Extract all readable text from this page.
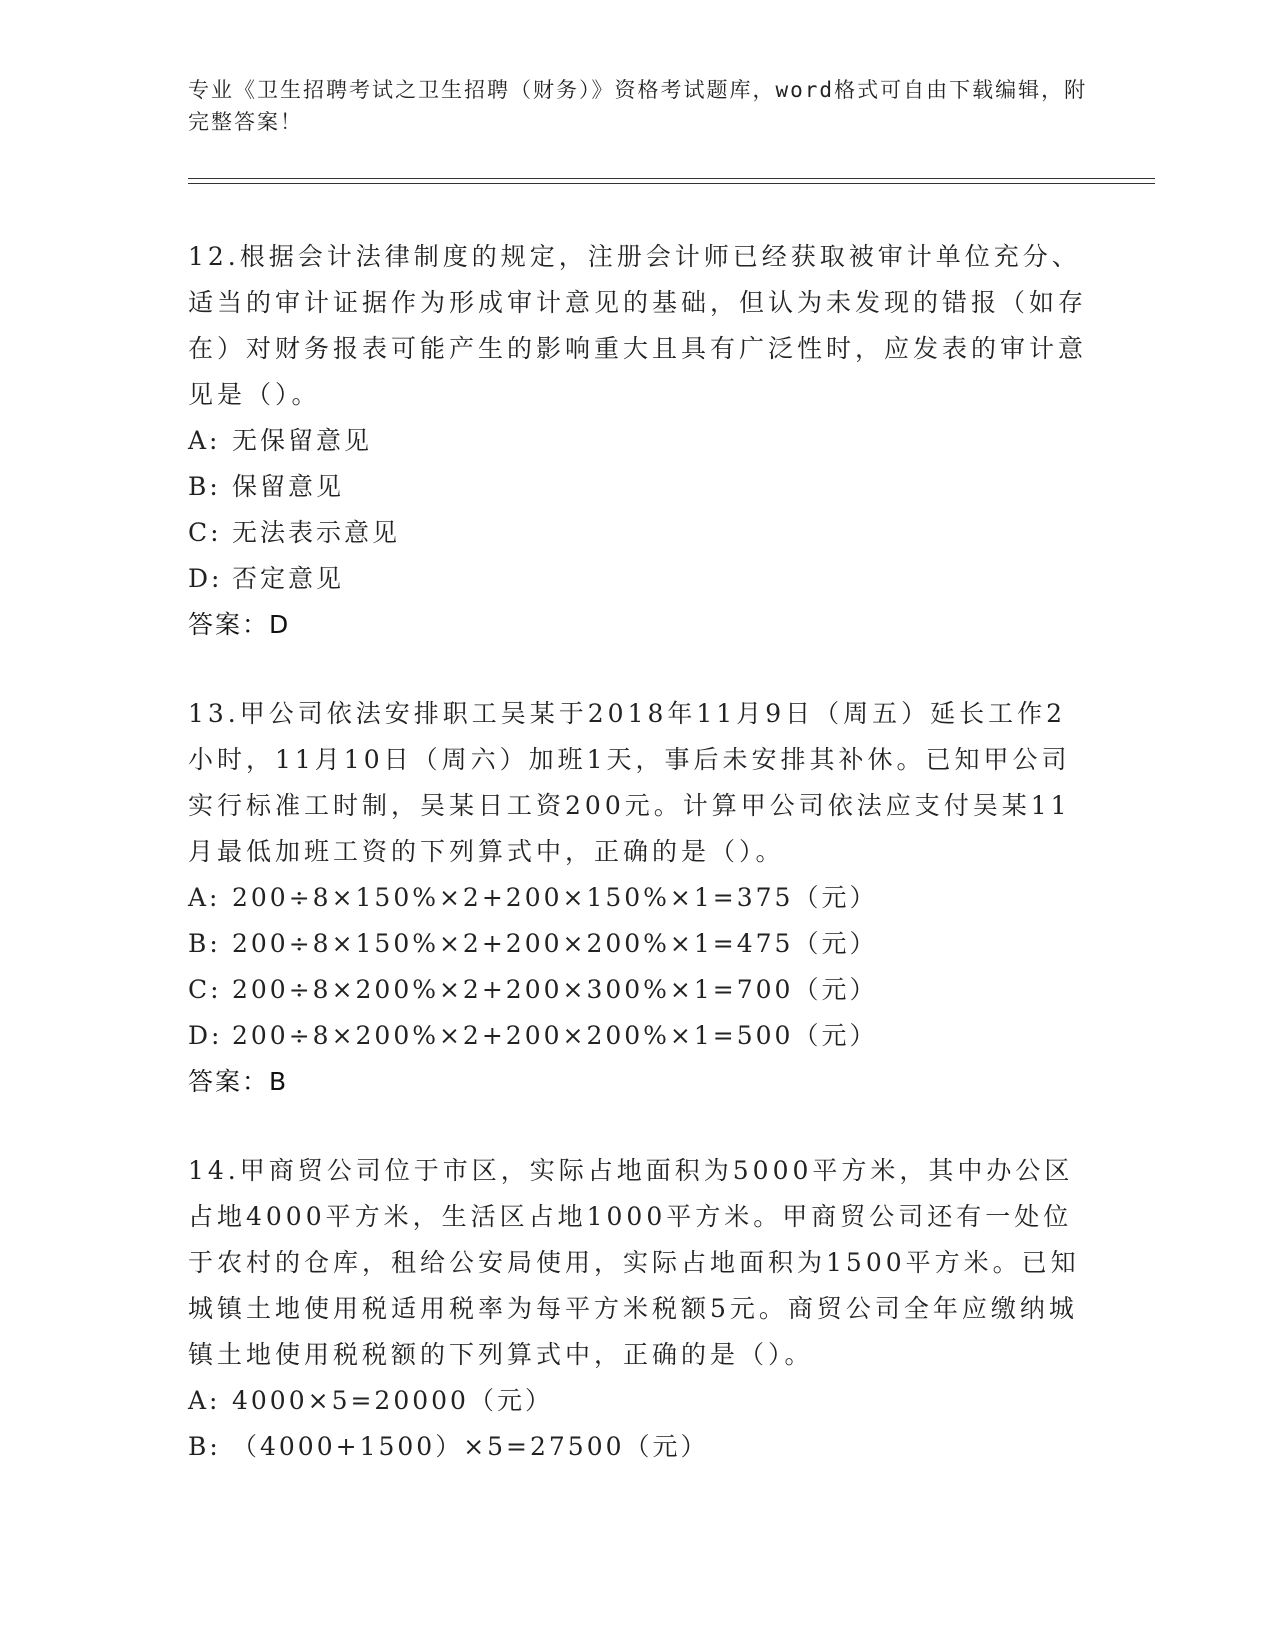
专业《卫生招聘考试之卫生招聘（财务）》资格考试题库，word格式可自由下载编辑，附完整答案！
12.根据会计法律制度的规定，注册会计师已经获取被审计单位充分、适当的审计证据作为形成审计意见的基础，但认为未发现的错报（如存在）对财务报表可能产生的影响重大且具有广泛性时，应发表的审计意见是（）。
A: 无保留意见
B: 保留意见
C: 无法表示意见
D: 否定意见
答案：D
13.甲公司依法安排职工吴某于2018年11月9日（周五）延长工作2小时，11月10日（周六）加班1天，事后未安排其补休。已知甲公司实行标准工时制，吴某日工资200元。计算甲公司依法应支付吴某11月最低加班工资的下列算式中，正确的是（）。
A: 200÷8×150%×2+200×150%×1=375（元）
B: 200÷8×150%×2+200×200%×1=475（元）
C: 200÷8×200%×2+200×300%×1=700（元）
D: 200÷8×200%×2+200×200%×1=500（元）
答案：B
14.甲商贸公司位于市区，实际占地面积为5000平方米，其中办公区占地4000平方米，生活区占地1000平方米。甲商贸公司还有一处位于农村的仓库，租给公安局使用，实际占地面积为1500平方米。已知城镇土地使用税适用税率为每平方米税额5元。商贸公司全年应缴纳城镇土地使用税税额的下列算式中，正确的是（）。
A: 4000×5=20000（元）
B: （4000+1500）×5=27500（元）
